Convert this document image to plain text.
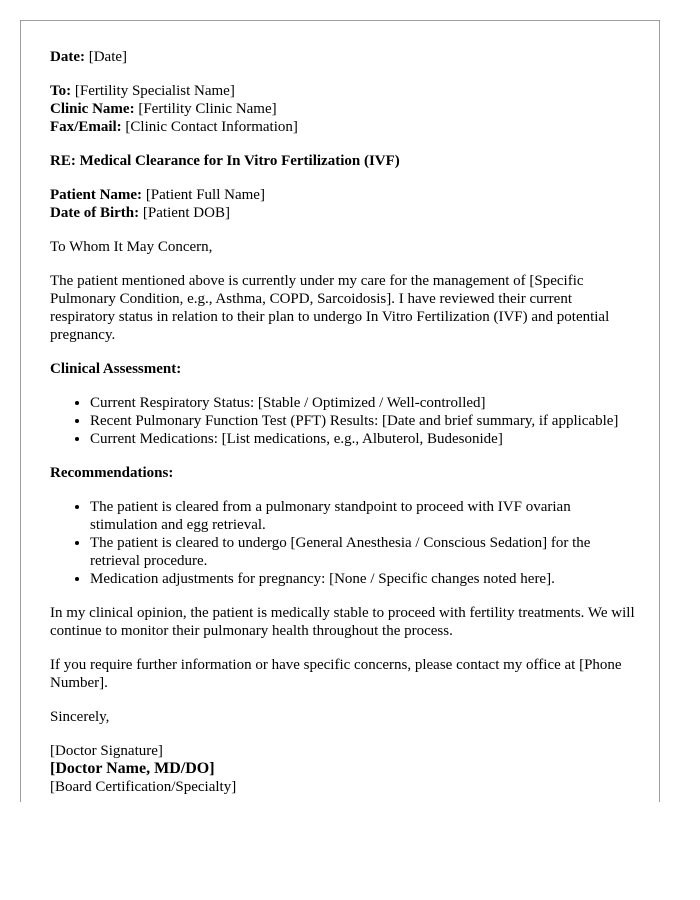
Date: [Date]

To: [Fertility Specialist Name]

Clinic Name: [Fertility Clinic Name]

Fax/Email: [Clinic Contact Information]

RE: Medical Clearance for In Vitro Fertilization (IVF)

Patient Name: [Patient Full Name]

Date of Birth: [Patient DOB]

To Whom It May Concern,

The patient mentioned above is currently under my care for the management of [Specific Pulmonary Condition, e.g., Asthma, COPD, Sarcoidosis]. I have reviewed their current respiratory status in relation to their plan to undergo In Vitro Fertilization (IVF) and potential pregnancy.

Clinical Assessment:

• Current Respiratory Status: [Stable / Optimized / Well-controlled]
• Recent Pulmonary Function Test (PFT) Results: [Date and brief summary, if applicable]
• Current Medications: [List medications, e.g., Albuterol, Budesonide]

Recommendations:

• The patient is cleared from a pulmonary standpoint to proceed with IVF ovarian stimulation and egg retrieval.
• The patient is cleared to undergo [General Anesthesia / Conscious Sedation] for the retrieval procedure.
• Medication adjustments for pregnancy: [None / Specific changes noted here].

In my clinical opinion, the patient is medically stable to proceed with fertility treatments. We will continue to monitor their pulmonary health throughout the process.

If you require further information or have specific concerns, please contact my office at [Phone Number].

Sincerely,

[Doctor Signature]

[Doctor Name, MD/DO]

[Board Certification/Specialty]
